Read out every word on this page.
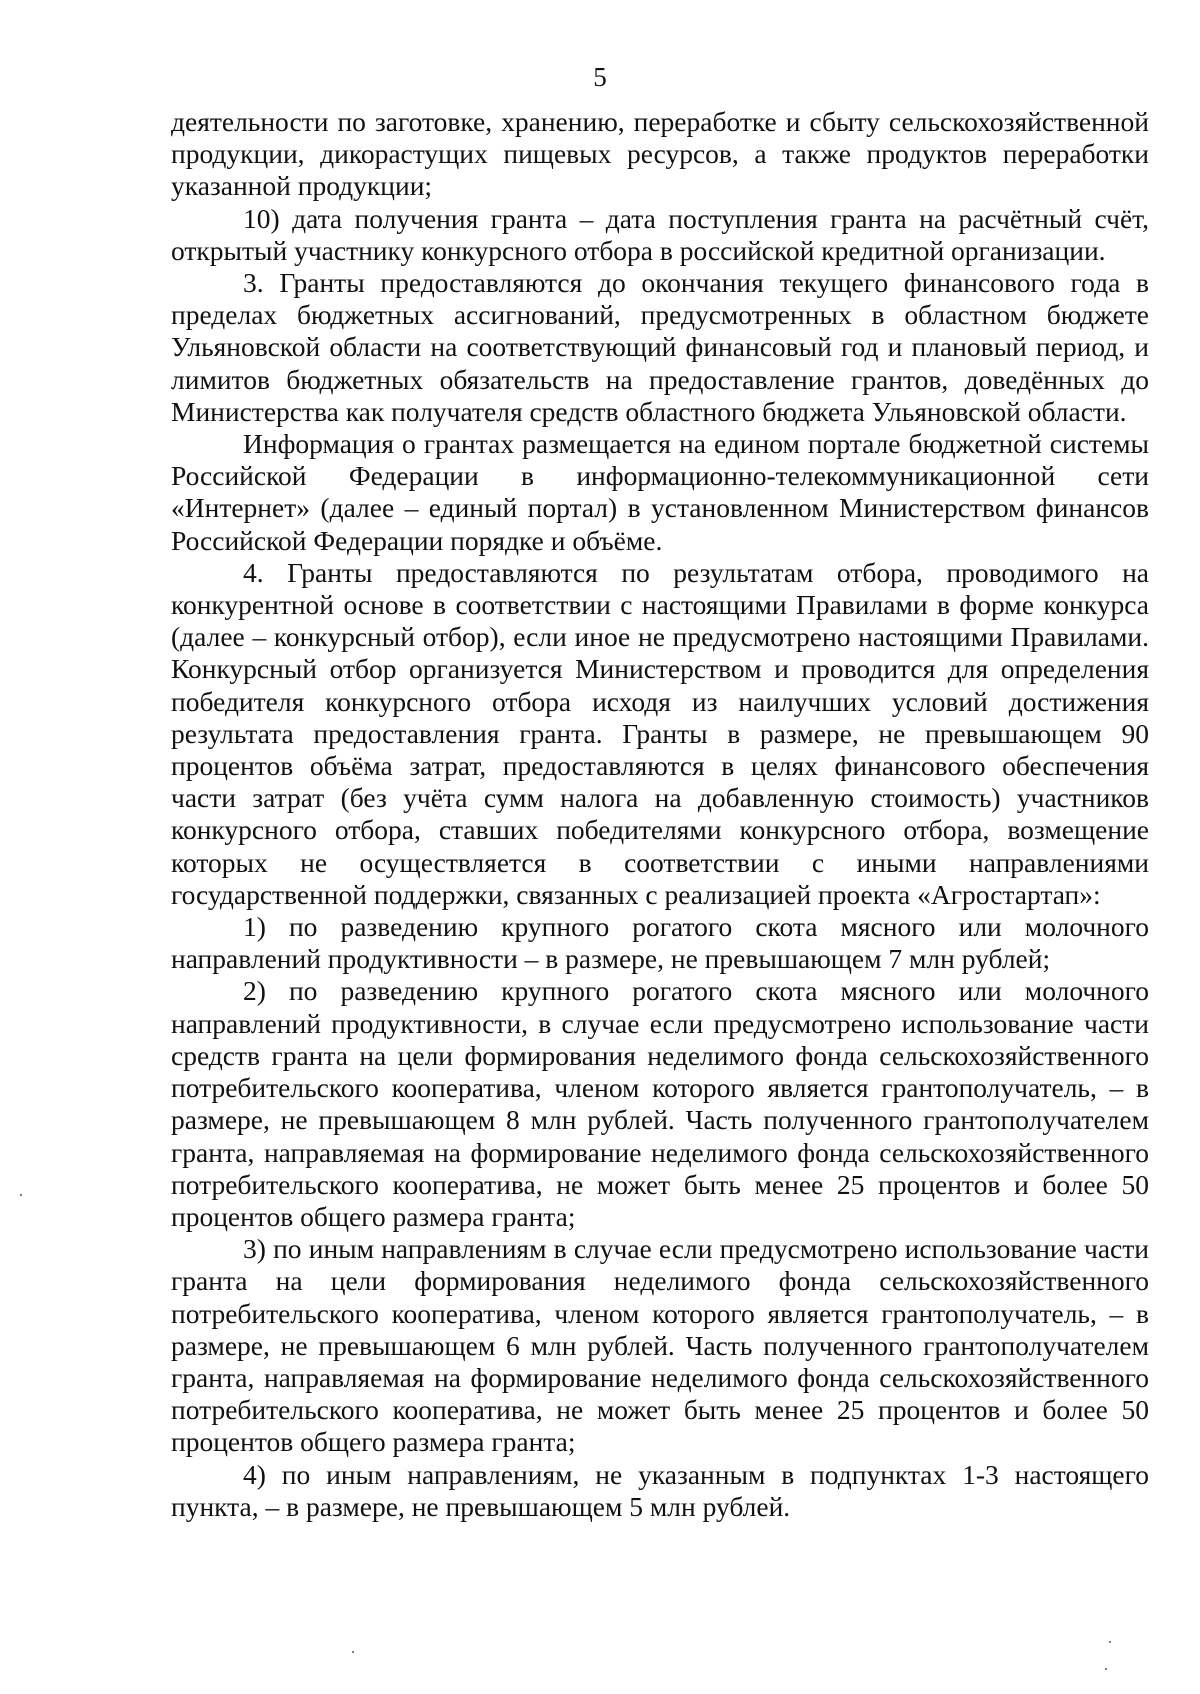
5

деятельности по заготовке, хранению, переработке и сбыту сельскохозяйственной продукции, дикорастущих пищевых ресурсов, а также продуктов переработки указанной продукции;

10) дата получения гранта – дата поступления гранта на расчётный счёт, открытый участнику конкурсного отбора в российской кредитной организации.

3. Гранты предоставляются до окончания текущего финансового года в пределах бюджетных ассигнований, предусмотренных в областном бюджете Ульяновской области на соответствующий финансовый год и плановый период, и лимитов бюджетных обязательств на предоставление грантов, доведённых до Министерства как получателя средств областного бюджета Ульяновской области.

Информация о грантах размещается на едином портале бюджетной системы Российской Федерации в информационно-телекоммуникационной сети «Интернет» (далее – единый портал) в установленном Министерством финансов Российской Федерации порядке и объёме.

4. Гранты предоставляются по результатам отбора, проводимого на конкурентной основе в соответствии с настоящими Правилами в форме конкурса (далее – конкурсный отбор), если иное не предусмотрено настоящими Правилами. Конкурсный отбор организуется Министерством и проводится для определения победителя конкурсного отбора исходя из наилучших условий достижения результата предоставления гранта. Гранты в размере, не превышающем 90 процентов объёма затрат, предоставляются в целях финансового обеспечения части затрат (без учёта сумм налога на добавленную стоимость) участников конкурсного отбора, ставших победителями конкурсного отбора, возмещение которых не осуществляется в соответствии с иными направлениями государственной поддержки, связанных с реализацией проекта «Агростартап»:

1) по разведению крупного рогатого скота мясного или молочного направлений продуктивности – в размере, не превышающем 7 млн рублей;

2) по разведению крупного рогатого скота мясного или молочного направлений продуктивности, в случае если предусмотрено использование части средств гранта на цели формирования неделимого фонда сельскохозяйственного потребительского кооператива, членом которого является грантополучатель, – в размере, не превышающем 8 млн рублей. Часть полученного грантополучателем гранта, направляемая на формирование неделимого фонда сельскохозяйственного потребительского кооператива, не может быть менее 25 процентов и более 50 процентов общего размера гранта;

3) по иным направлениям в случае если предусмотрено использование части гранта на цели формирования неделимого фонда сельскохозяйственного потребительского кооператива, членом которого является грантополучатель, – в размере, не превышающем 6 млн рублей. Часть полученного грантополучателем гранта, направляемая на формирование неделимого фонда сельскохозяйственного потребительского кооператива, не может быть менее 25 процентов и более 50 процентов общего размера гранта;

4) по иным направлениям, не указанным в подпунктах 1-3 настоящего пункта, – в размере, не превышающем 5 млн рублей.
